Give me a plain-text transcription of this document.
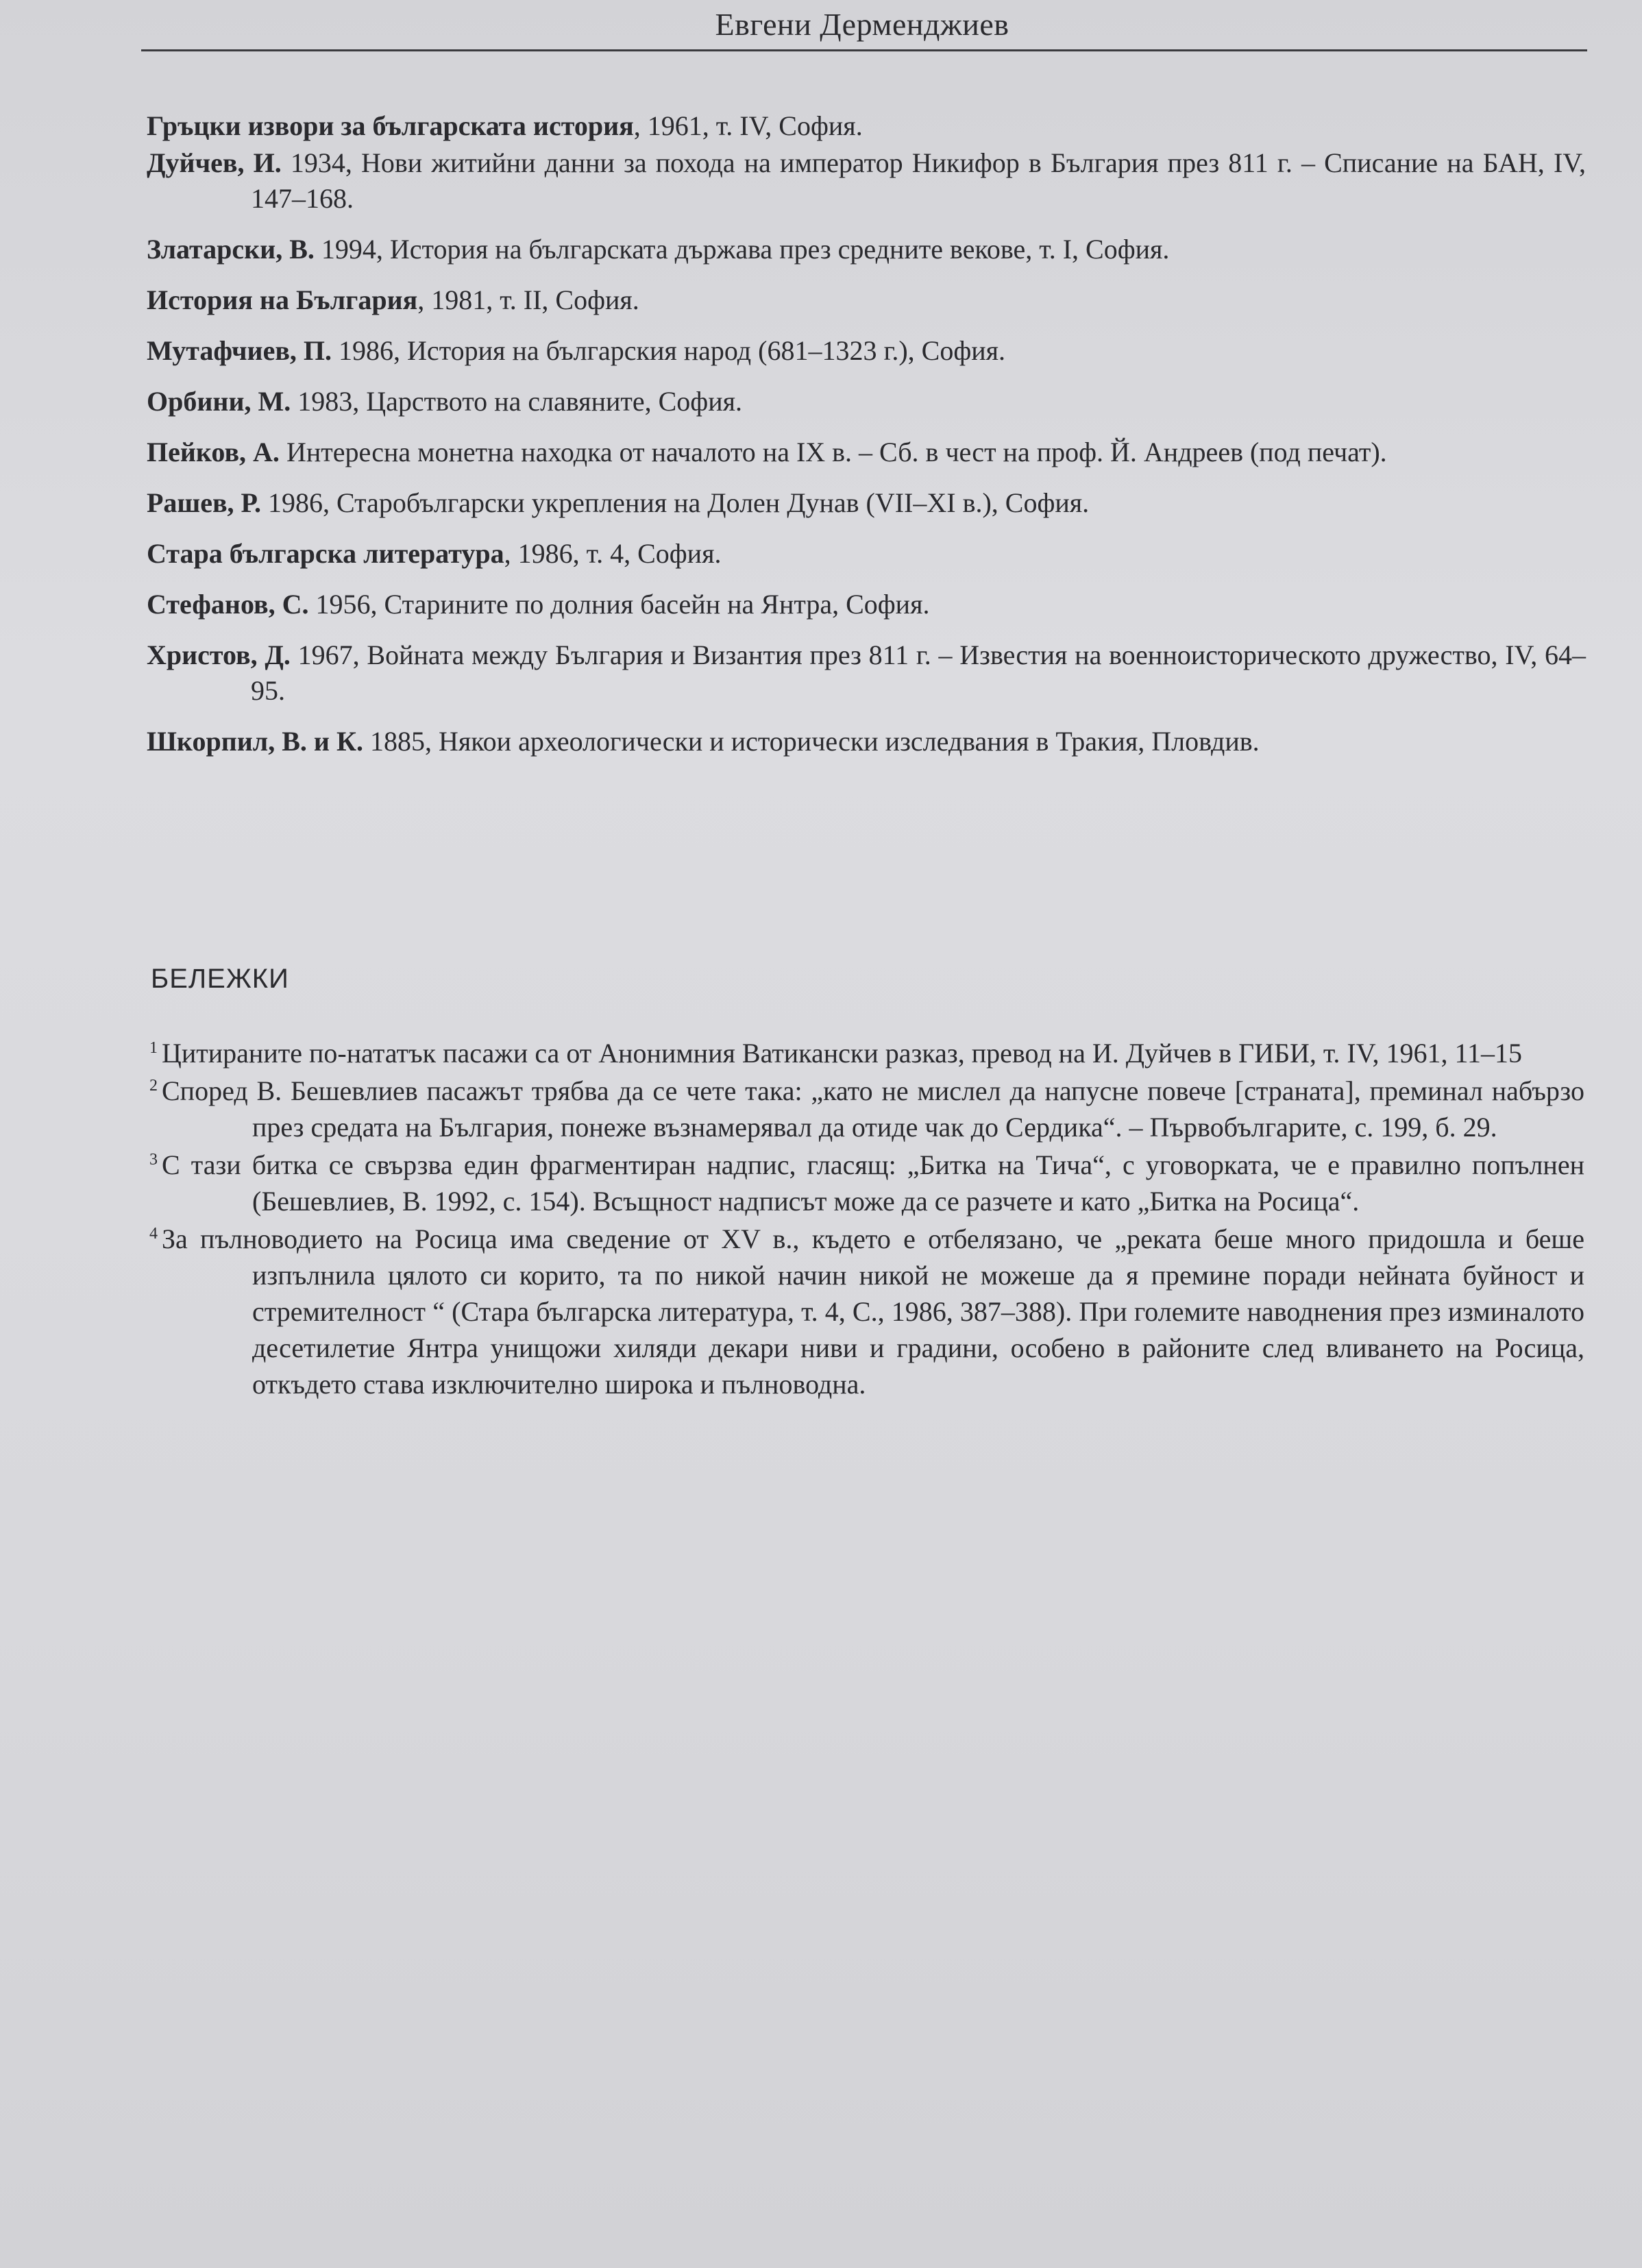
Евгени Дерменджиев

Гръцки извори за българската история, 1961, т. IV, София.

Дуйчев, И. 1934, Нови житийни данни за похода на император Никифор в България през 811 г. – Списание на БАН, IV, 147–168.

Златарски, В. 1994, История на българската държава през средните векове, т. I, София.

История на България, 1981, т. II, София.

Мутафчиев, П. 1986, История на българския народ (681–1323 г.), София.

Орбини, М. 1983, Царството на славяните, София.

Пейков, А. Интересна монетна находка от началото на IX в. – Сб. в чест на проф. Й. Андреев (под печат).

Рашев, Р. 1986, Старобългарски укрепления на Долен Дунав (VII–XI в.), София.

Стара българска литература, 1986, т. 4, София.

Стефанов, С. 1956, Старините по долния басейн на Янтра, София.

Христов, Д. 1967, Войната между България и Византия през 811 г. – Известия на военноисторическото дружество, IV, 64–95.

Шкорпил, В. и К. 1885, Някои археологически и исторически изследвания в Тракия, Пловдив.

БЕЛЕЖКИ

$^1$ Цитираните по-нататък пасажи са от Анонимния Ватикански разказ, превод на И. Дуйчев в ГИБИ, т. IV, 1961, 11–15

$^2$ Според В. Бешевлиев пасажът трябва да се чете така: „като не мислел да напусне повече [страната], преминал набързо през средата на България, понеже възнамерявал да отиде чак до Сердика“. – Първобългарите, с. 199, б. 29.

$^3$ С тази битка се свързва един фрагментиран надпис, гласящ: „Битка на Тича“, с уговорката, че е правилно попълнен (Бешевлиев, В. 1992, с. 154). Всъщност надписът може да се разчете и като „Битка на Росица“.

$^4$ За пълноводието на Росица има сведение от XV в., където е отбелязано, че „реката беше много придошла и беше изпълнила цялото си корито, та по никой начин никой не можеше да я премине поради нейната буйност и стремителност “ (Стара българска литература, т. 4, С., 1986, 387–388). При големите наводнения през изминалото десетилетие Янтра унищожи хиляди декари ниви и градини, особено в районите след вливането на Росица, откъдето става изключително широка и пълноводна.
